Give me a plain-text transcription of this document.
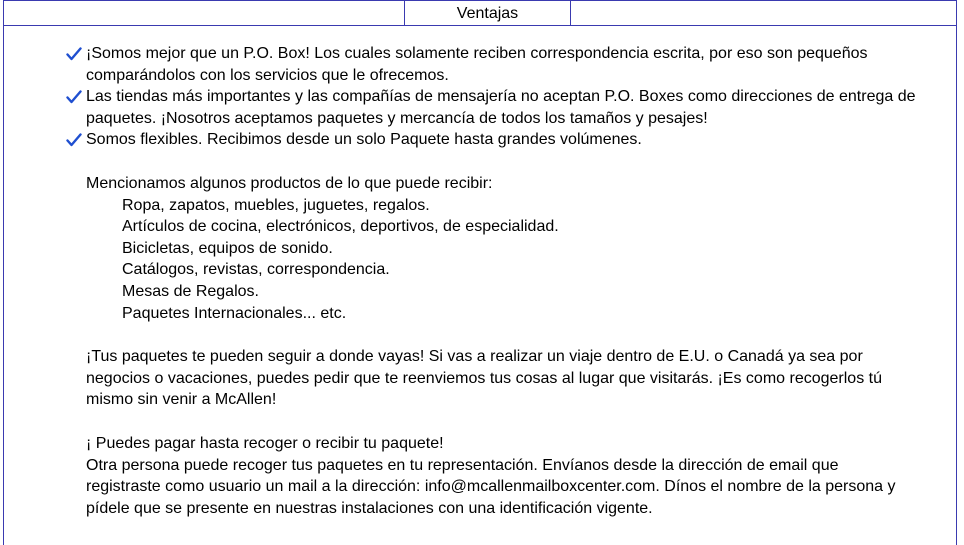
Ventajas

¡Somos mejor que un P.O. Box! Los cuales solamente reciben correspondencia escrita, por eso son pequeños comparándolos con los servicios que le ofrecemos.

Las tiendas más importantes y las compañías de mensajería no aceptan P.O. Boxes como direcciones de entrega de paquetes. ¡Nosotros aceptamos paquetes y mercancía de todos los tamaños y pesajes!

Somos flexibles. Recibimos desde un solo Paquete hasta grandes volúmenes.

Mencionamos algunos productos de lo que puede recibir:

Ropa, zapatos, muebles, juguetes, regalos.

Artículos de cocina, electrónicos, deportivos, de especialidad.

Bicicletas, equipos de sonido.

Catálogos, revistas, correspondencia.

Mesas de Regalos.

Paquetes Internacionales... etc.

¡Tus paquetes te pueden seguir a donde vayas! Si vas a realizar un viaje dentro de E.U. o Canadá ya sea por negocios o vacaciones, puedes pedir que te reenviemos tus cosas al lugar que visitarás. ¡Es como recogerlos tú mismo sin venir a McAllen!

¡ Puedes pagar hasta recoger o recibir tu paquete!

Otra persona puede recoger tus paquetes en tu representación. Envíanos desde la dirección de email que registraste como usuario un mail a la dirección: info@mcallenmailboxcenter.com. Dínos el nombre de la persona y pídele que se presente en nuestras instalaciones con una identificación vigente.
